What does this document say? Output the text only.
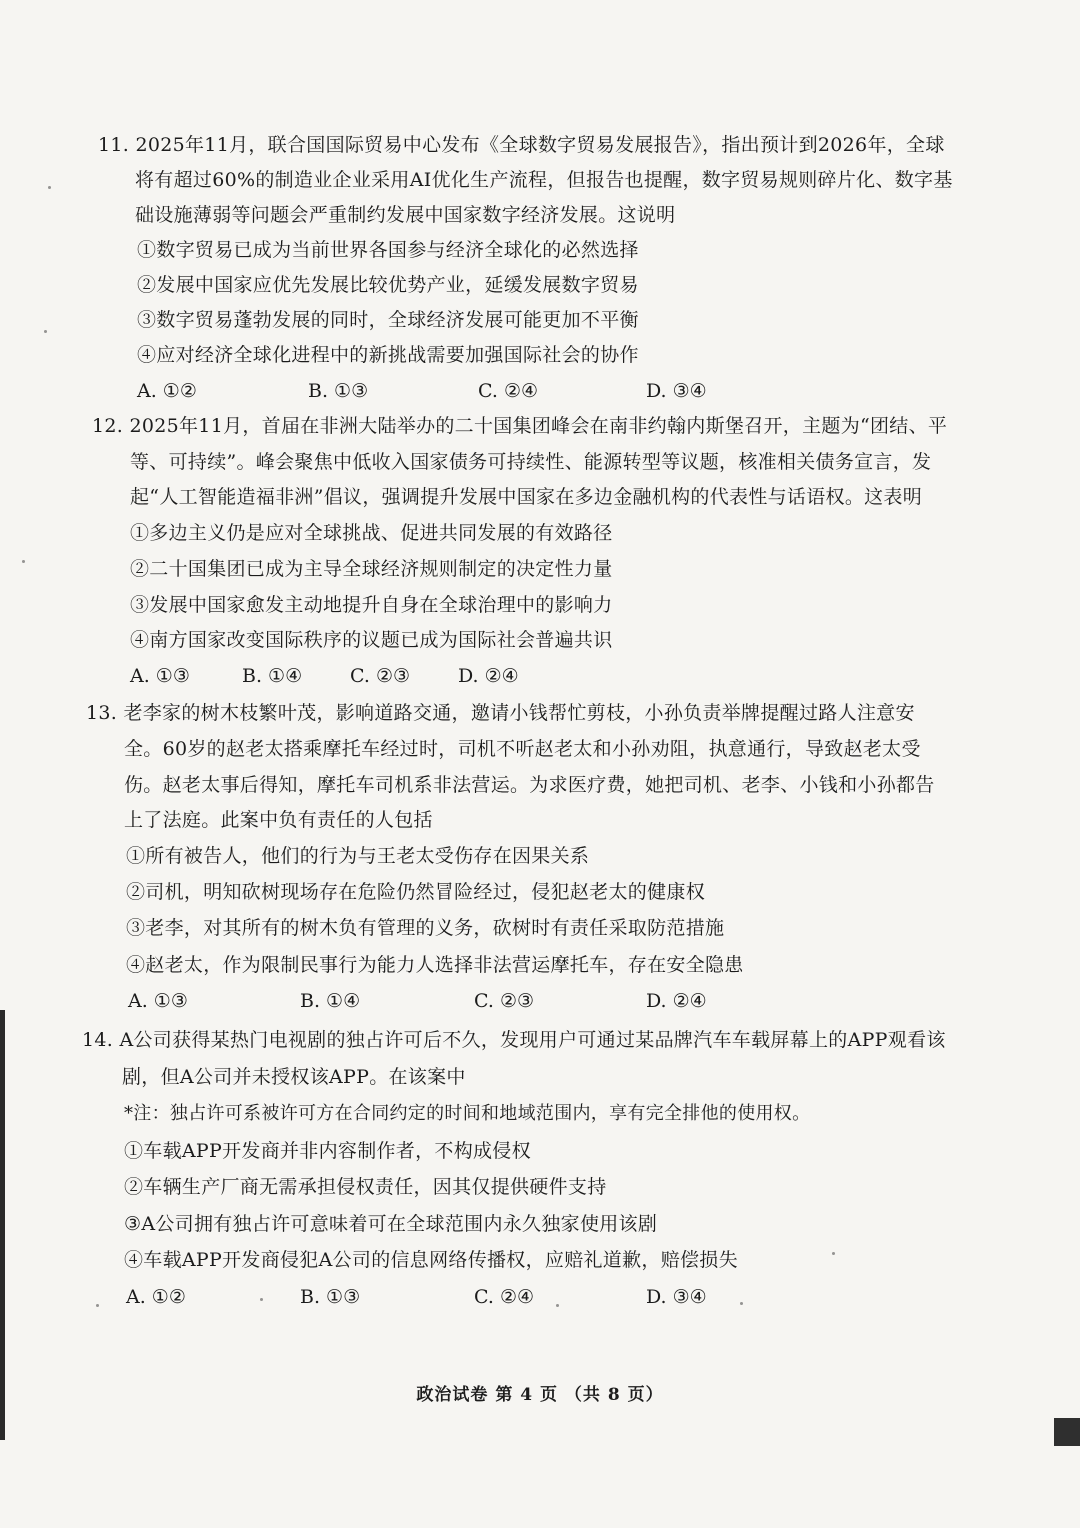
11. 2025年11月，联合国国际贸易中心发布《全球数字贸易发展报告》，指出预计到2026年，全球
将有超过60%的制造业企业采用AI优化生产流程，但报告也提醒，数字贸易规则碎片化、数字基
础设施薄弱等问题会严重制约发展中国家数字经济发展。这说明
①数字贸易已成为当前世界各国参与经济全球化的必然选择
②发展中国家应优先发展比较优势产业，延缓发展数字贸易
③数字贸易蓬勃发展的同时，全球经济发展可能更加不平衡
④应对经济全球化进程中的新挑战需要加强国际社会的协作
A. ①②	B. ①③	C. ②④	D. ③④
12. 2025年11月，首届在非洲大陆举办的二十国集团峰会在南非约翰内斯堡召开，主题为“团结、平
等、可持续”。峰会聚焦中低收入国家债务可持续性、能源转型等议题，核准相关债务宣言，发
起“人工智能造福非洲”倡议，强调提升发展中国家在多边金融机构的代表性与话语权。这表明
①多边主义仍是应对全球挑战、促进共同发展的有效路径
②二十国集团已成为主导全球经济规则制定的决定性力量
③发展中国家愈发主动地提升自身在全球治理中的影响力
④南方国家改变国际秩序的议题已成为国际社会普遍共识
A. ①③	B. ①④	C. ②③	D. ②④
13. 老李家的树木枝繁叶茂，影响道路交通，邀请小钱帮忙剪枝，小孙负责举牌提醒过路人注意安
全。60岁的赵老太搭乘摩托车经过时，司机不听赵老太和小孙劝阻，执意通行，导致赵老太受
伤。赵老太事后得知，摩托车司机系非法营运。为求医疗费，她把司机、老李、小钱和小孙都告
上了法庭。此案中负有责任的人包括
①所有被告人，他们的行为与王老太受伤存在因果关系
②司机，明知砍树现场存在危险仍然冒险经过，侵犯赵老太的健康权
③老李，对其所有的树木负有管理的义务，砍树时有责任采取防范措施
④赵老太，作为限制民事行为能力人选择非法营运摩托车，存在安全隐患
A. ①③	B. ①④	C. ②③	D. ②④
14. A公司获得某热门电视剧的独占许可后不久，发现用户可通过某品牌汽车车载屏幕上的APP观看该
剧，但A公司并未授权该APP。在该案中
*注：独占许可系被许可方在合同约定的时间和地域范围内，享有完全排他的使用权。
①车载APP开发商并非内容制作者，不构成侵权
②车辆生产厂商无需承担侵权责任，因其仅提供硬件支持
③A公司拥有独占许可意味着可在全球范围内永久独家使用该剧
④车载APP开发商侵犯A公司的信息网络传播权，应赔礼道歉，赔偿损失
A. ①②	B. ①③	C. ②④	D. ③④
政治试卷 第 4 页 （共 8 页）
